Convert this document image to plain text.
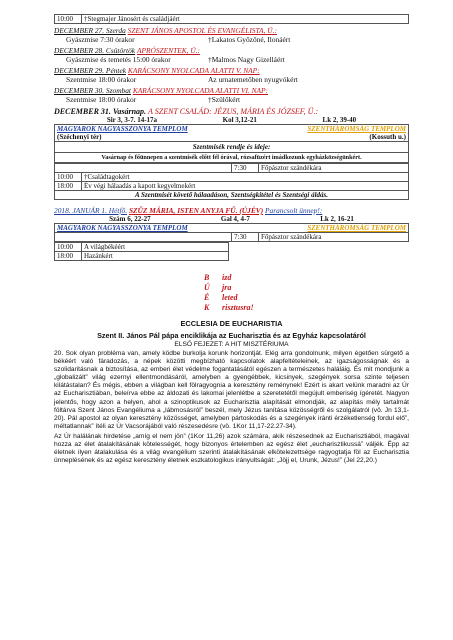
10:00	†Stegmajer Jánosért és családjáért
DECEMBER 27. Szerda SZENT JÁNOS APOSTOL ÉS EVANGÉLISTA, Ü.:
Gyászmise 7:30 órakor	†Lakatos Győzőné, Ilonáért
DECEMBER 28. Csütörtök APRÓSZENTEK, Ü.:
Gyászmise és temetés 15:00 órakor	†Malmos Nagy Gizelláért
DECEMBER 29. Péntek KARÁCSONY NYOLCADA ALATTI V. NAP:
Szentmise 18:00 órakor	Az urnatemetőben nyugvókért
DECEMBER 30. Szombat KARÁCSONY NYOLCADA ALATTI VI. NAP:
Szentmise 18:00 órakor	†Szülőkért
DECEMBER 31. Vasárnap. A SZENT CSALÁD: JÉZUS, MÁRIA ÉS JÓZSEF, Ü.:
Sir 3, 3-7. 14-17a	Kol 3,12-21	Lk 2, 39-40
MAGYAROK NAGYASSZONYA TEMPLOM	SZENTHÁROMSÁG TEMPLOM
(Széchenyi tér)	(Kossuth u.)
Szentmisék rendje és ideje:
Vasárnap és főünnepen a szentmisék előtt fél órával, rózsafüzért imádkozunk egyházközségünkért.
	7:30	Főpásztor szándékára

10:00	†Családtagokért

18:00	Év végi hálaadás a kapott kegyelmekért
A Szentmisét követő hálaadáson, Szentségkitétel és Szentségi áldás.
2018. JANUÁR 1. Hétfő. SZŰZ MÁRIA, ISTEN ANYJA FŰ. (ÚJÉV) Parancsolt ünnep!:
Szám 6, 22-27	Gal 4, 4-7	Lk 2, 16-21
MAGYAROK NAGYASSZONYA TEMPLOM	SZENTHÁROMSÁG TEMPLOM
	7:30	Főpásztor szándékára
10:00	A világbékéért
18:00	Hazánkért
B izd
Ú jra
É leted
K risztusra!
ECCLESIA DE EUCHARISTIA
Szent II. János Pál pápa enciklikája az Eucharisztia és az Egyház kapcsolatáról
ELSŐ FEJEZET: A HIT MISZTÉRIUMA
20. Sok olyan probléma van, amely ködbe burkolja korunk horizontját. Elég arra gondolnunk, milyen égetően sürgető a békéért való fáradozás, a népek közötti megbízható kapcsolatok alapfeltételeinek, az igazságosságnak és a szolidaritásnak a biztosítása, az emberi élet védelme fogantatásától egészen a természetes haláláig. És mit mondjunk a „globalizált” világ ezernyi ellentmondásáról, amelyben a gyengébbek, kicsinyek, szegények sorsa szinte teljesen kilátástalan? És mégis, ebben a világban kell fölragyognia a keresztény reménynek! Ezért is akart velünk maradni az Úr az Eucharisztiában, beleírva ebbe az áldozati és lakomai jelenlétbe a szeretetétől megújult emberiség ígéretét. Nagyon jelentős, hogy azon a helyen, ahol a szinoptikusok az Eucharisztia alapítását elmondják, az alapítás mély tartalmát föltárva Szent János Evangéliuma a „lábmosásról” beszél, mely Jézus tanítása közösségről és szolgálatról (vö. Jn 13,1-20). Pál apostol az olyan keresztény közösséget, amelyben pártoskodás és a szegények iránti érzéketlenség fordul elő”, méltatlannak” ítéli az Úr Vacsorájából való részesedésre (vö. 1Kor 11,17-22.27-34).
Az Úr halálának hirdetése „amíg el nem jön” (1Kor 11,26) azok számára, akik részesednek az Eucharisztiából, magával hozza az élet átalakításának kötelességét, hogy bizonyos értelemben az egész élet „eucharisztikussá” váljék. Épp az életnek ilyen átalakulása és a világ evangélium szerinti átalakításának elkötelezettsége ragyogtatja föl az Eucharisztia ünneplésének és az egész keresztény életnek eszkatologikus irányultságát: „Jöjj el, Urunk, Jézus!” (Jel 22,20.)
